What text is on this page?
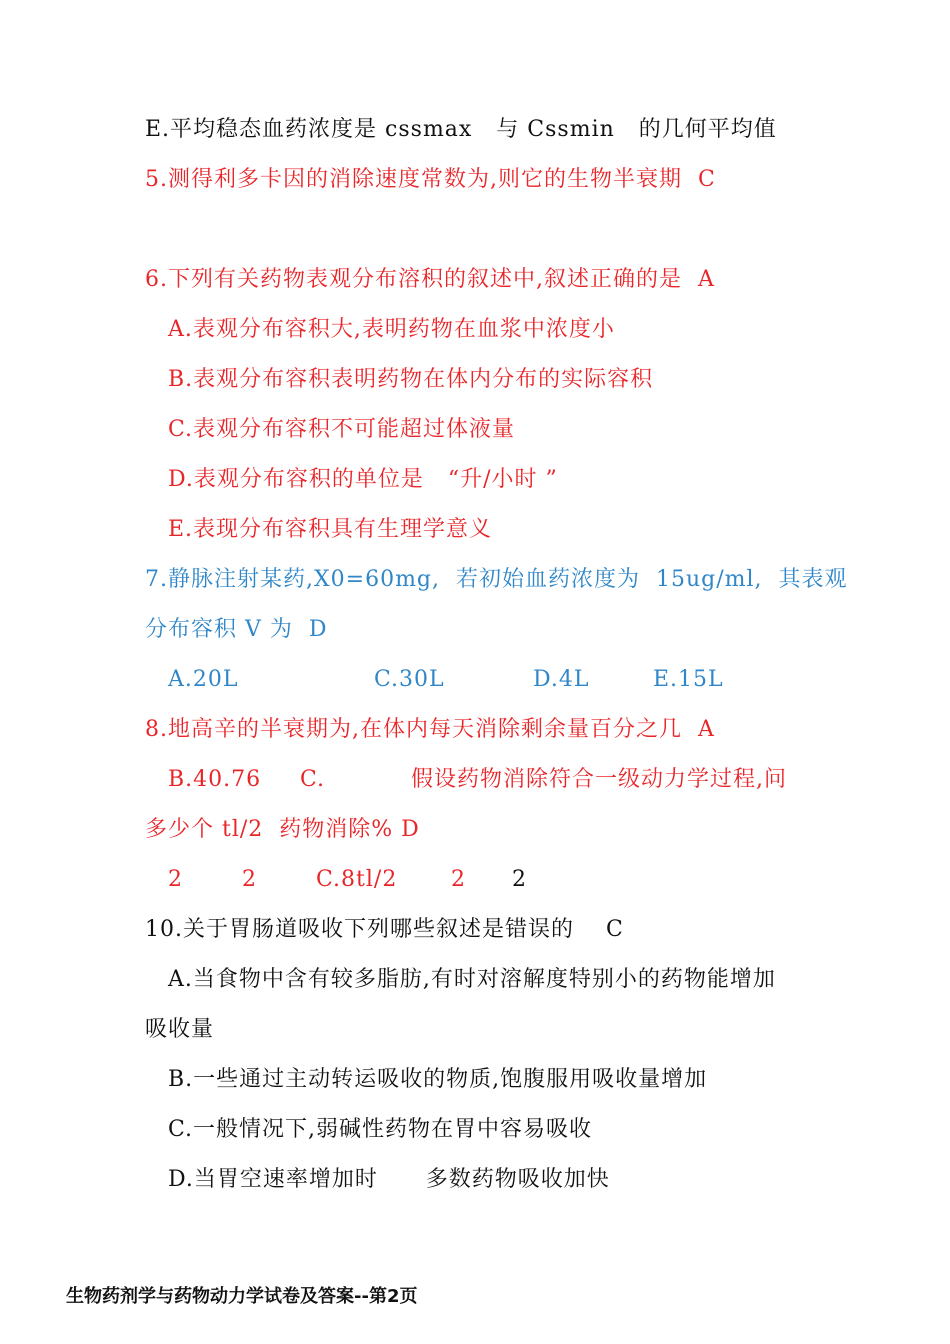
E.平均稳态血药浓度是 cssmax   与 Cssmin   的几何平均值
5.测得利多卡因的消除速度常数为,则它的生物半衰期  C
6.下列有关药物表观分布溶积的叙述中,叙述正确的是  A
A.表观分布容积大,表明药物在血浆中浓度小
B.表观分布容积表明药物在体内分布的实际容积
C.表观分布容积不可能超过体液量
D.表观分布容积的单位是   “升/小时 ”
E.表现分布容积具有生理学意义
7.静脉注射某药,X0=60mg,  若初始血药浓度为  15ug/ml,  其表观
分布容积 V 为  D
A.20L	C.30L	D.4L	E.15L
8.地高辛的半衰期为,在体内每天消除剩余量百分之几  A
B.40.76 C.	假设药物消除符合一级动力学过程,问
多少个 tl/2  药物消除% D
2	2	C.8tl/2 2 2
10.关于胃肠道吸收下列哪些叙述是错误的    C
A.当食物中含有较多脂肪,有时对溶解度特别小的药物能增加
吸收量
B.一些通过主动转运吸收的物质,饱腹服用吸收量增加
C.一般情况下,弱碱性药物在胃中容易吸收
D.当胃空速率增加时      多数药物吸收加快
生物药剂学与药物动力学试卷及答案--第2页
